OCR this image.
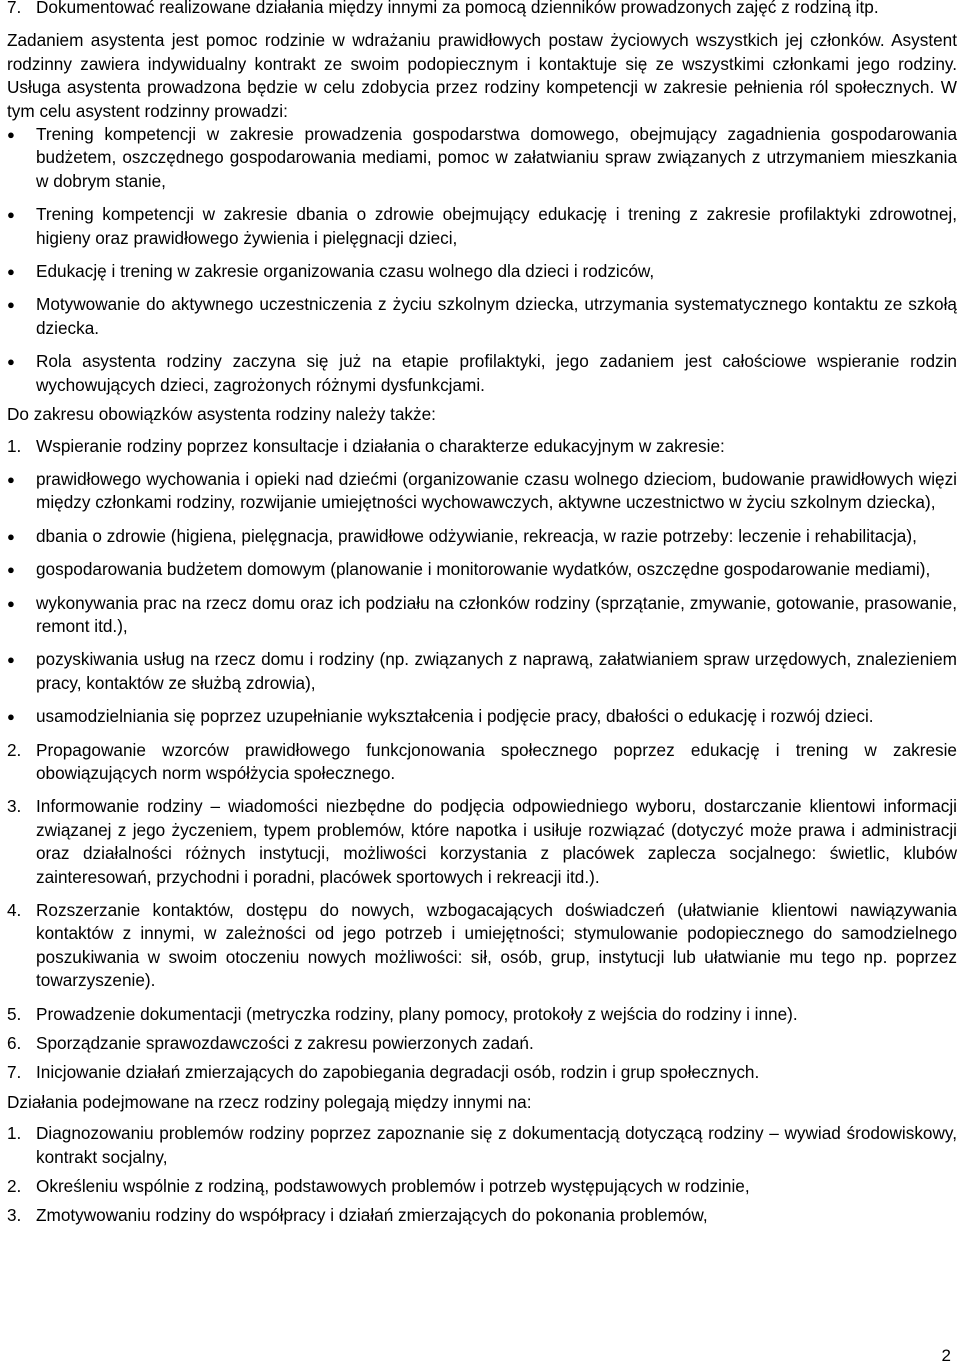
7. Dokumentować realizowane działania między innymi za pomocą dzienników prowadzonych zajęć z rodziną itp.

Zadaniem asystenta jest pomoc rodzinie w wdrażaniu prawidłowych postaw życiowych wszystkich jej członków. Asystent rodzinny zawiera indywidualny kontrakt ze swoim podopiecznym i kontaktuje się ze wszystkimi członkami jego rodziny. Usługa asystenta prowadzona będzie w celu zdobycia przez rodziny kompetencji w zakresie pełnienia ról społecznych. W tym celu asystent rodzinny prowadzi:

●	Trening kompetencji w zakresie prowadzenia gospodarstwa domowego, obejmujący zagadnienia gospodarowania budżetem, oszczędnego gospodarowania mediami, pomoc w załatwianiu spraw związanych z utrzymaniem mieszkania w dobrym stanie,
●	Trening kompetencji w zakresie dbania o zdrowie obejmujący edukację i trening z zakresie profilaktyki zdrowotnej, higieny oraz prawidłowego żywienia i pielęgnacji dzieci,
●	Edukację i trening w zakresie organizowania czasu wolnego dla dzieci i rodziców,
●	Motywowanie do aktywnego uczestniczenia z życiu szkolnym dziecka, utrzymania systematycznego kontaktu ze szkołą dziecka.
●	Rola asystenta rodziny zaczyna się już na etapie profilaktyki, jego zadaniem jest całościowe wspieranie rodzin wychowujących dzieci, zagrożonych różnymi dysfunkcjami.

Do zakresu obowiązków asystenta rodziny należy także:

1. Wspieranie rodziny poprzez konsultacje i działania o charakterze edukacyjnym w zakresie:
●	prawidłowego wychowania i opieki nad dziećmi (organizowanie czasu wolnego dzieciom, budowanie prawidłowych więzi między członkami rodziny, rozwijanie umiejętności wychowawczych, aktywne uczestnictwo w życiu szkolnym dziecka),
●	dbania o zdrowie (higiena, pielęgnacja, prawidłowe odżywianie, rekreacja, w razie potrzeby: leczenie i rehabilitacja),
●	gospodarowania budżetem domowym (planowanie i monitorowanie wydatków, oszczędne gospodarowanie mediami),
●	wykonywania prac na rzecz domu oraz ich podziału na członków rodziny (sprzątanie, zmywanie, gotowanie, prasowanie, remont itd.),
●	pozyskiwania usług na rzecz domu i rodziny (np. związanych z naprawą, załatwianiem spraw urzędowych, znalezieniem pracy, kontaktów ze służbą zdrowia),
●	usamodzielniania się poprzez uzupełnianie wykształcenia i podjęcie pracy, dbałości o edukację i rozwój dzieci.
2. Propagowanie wzorców prawidłowego funkcjonowania społecznego poprzez edukację i trening w zakresie obowiązujących norm współżycia społecznego.
3. Informowanie rodziny – wiadomości niezbędne do podjęcia odpowiedniego wyboru, dostarczanie klientowi informacji związanej z jego życzeniem, typem problemów, które napotka i usiłuje rozwiązać (dotyczyć może prawa i administracji oraz działalności różnych instytucji, możliwości korzystania z placówek zaplecza socjalnego: świetlic, klubów zainteresowań, przychodni i poradni, placówek sportowych i rekreacji itd.).
4. Rozszerzanie kontaktów, dostępu do nowych, wzbogacających doświadczeń (ułatwianie klientowi nawiązywania kontaktów z innymi, w zależności od jego potrzeb i umiejętności; stymulowanie podopiecznego do samodzielnego poszukiwania w swoim otoczeniu nowych możliwości: sił, osób, grup, instytucji lub ułatwianie mu tego np. poprzez towarzyszenie).
5. Prowadzenie dokumentacji (metryczka rodziny, plany pomocy, protokoły z wejścia do rodziny i inne).
6. Sporządzanie sprawozdawczości z zakresu powierzonych zadań.
7. Inicjowanie działań zmierzających do zapobiegania degradacji osób, rodzin i grup społecznych.

Działania podejmowane na rzecz rodziny polegają między innymi na:

1. Diagnozowaniu problemów rodziny poprzez zapoznanie się z dokumentacją dotyczącą rodziny – wywiad środowiskowy, kontrakt socjalny,
2. Określeniu wspólnie z rodziną, podstawowych problemów i potrzeb występujących w rodzinie,
3. Zmotywowaniu rodziny do współpracy i działań zmierzających do pokonania problemów,
2
